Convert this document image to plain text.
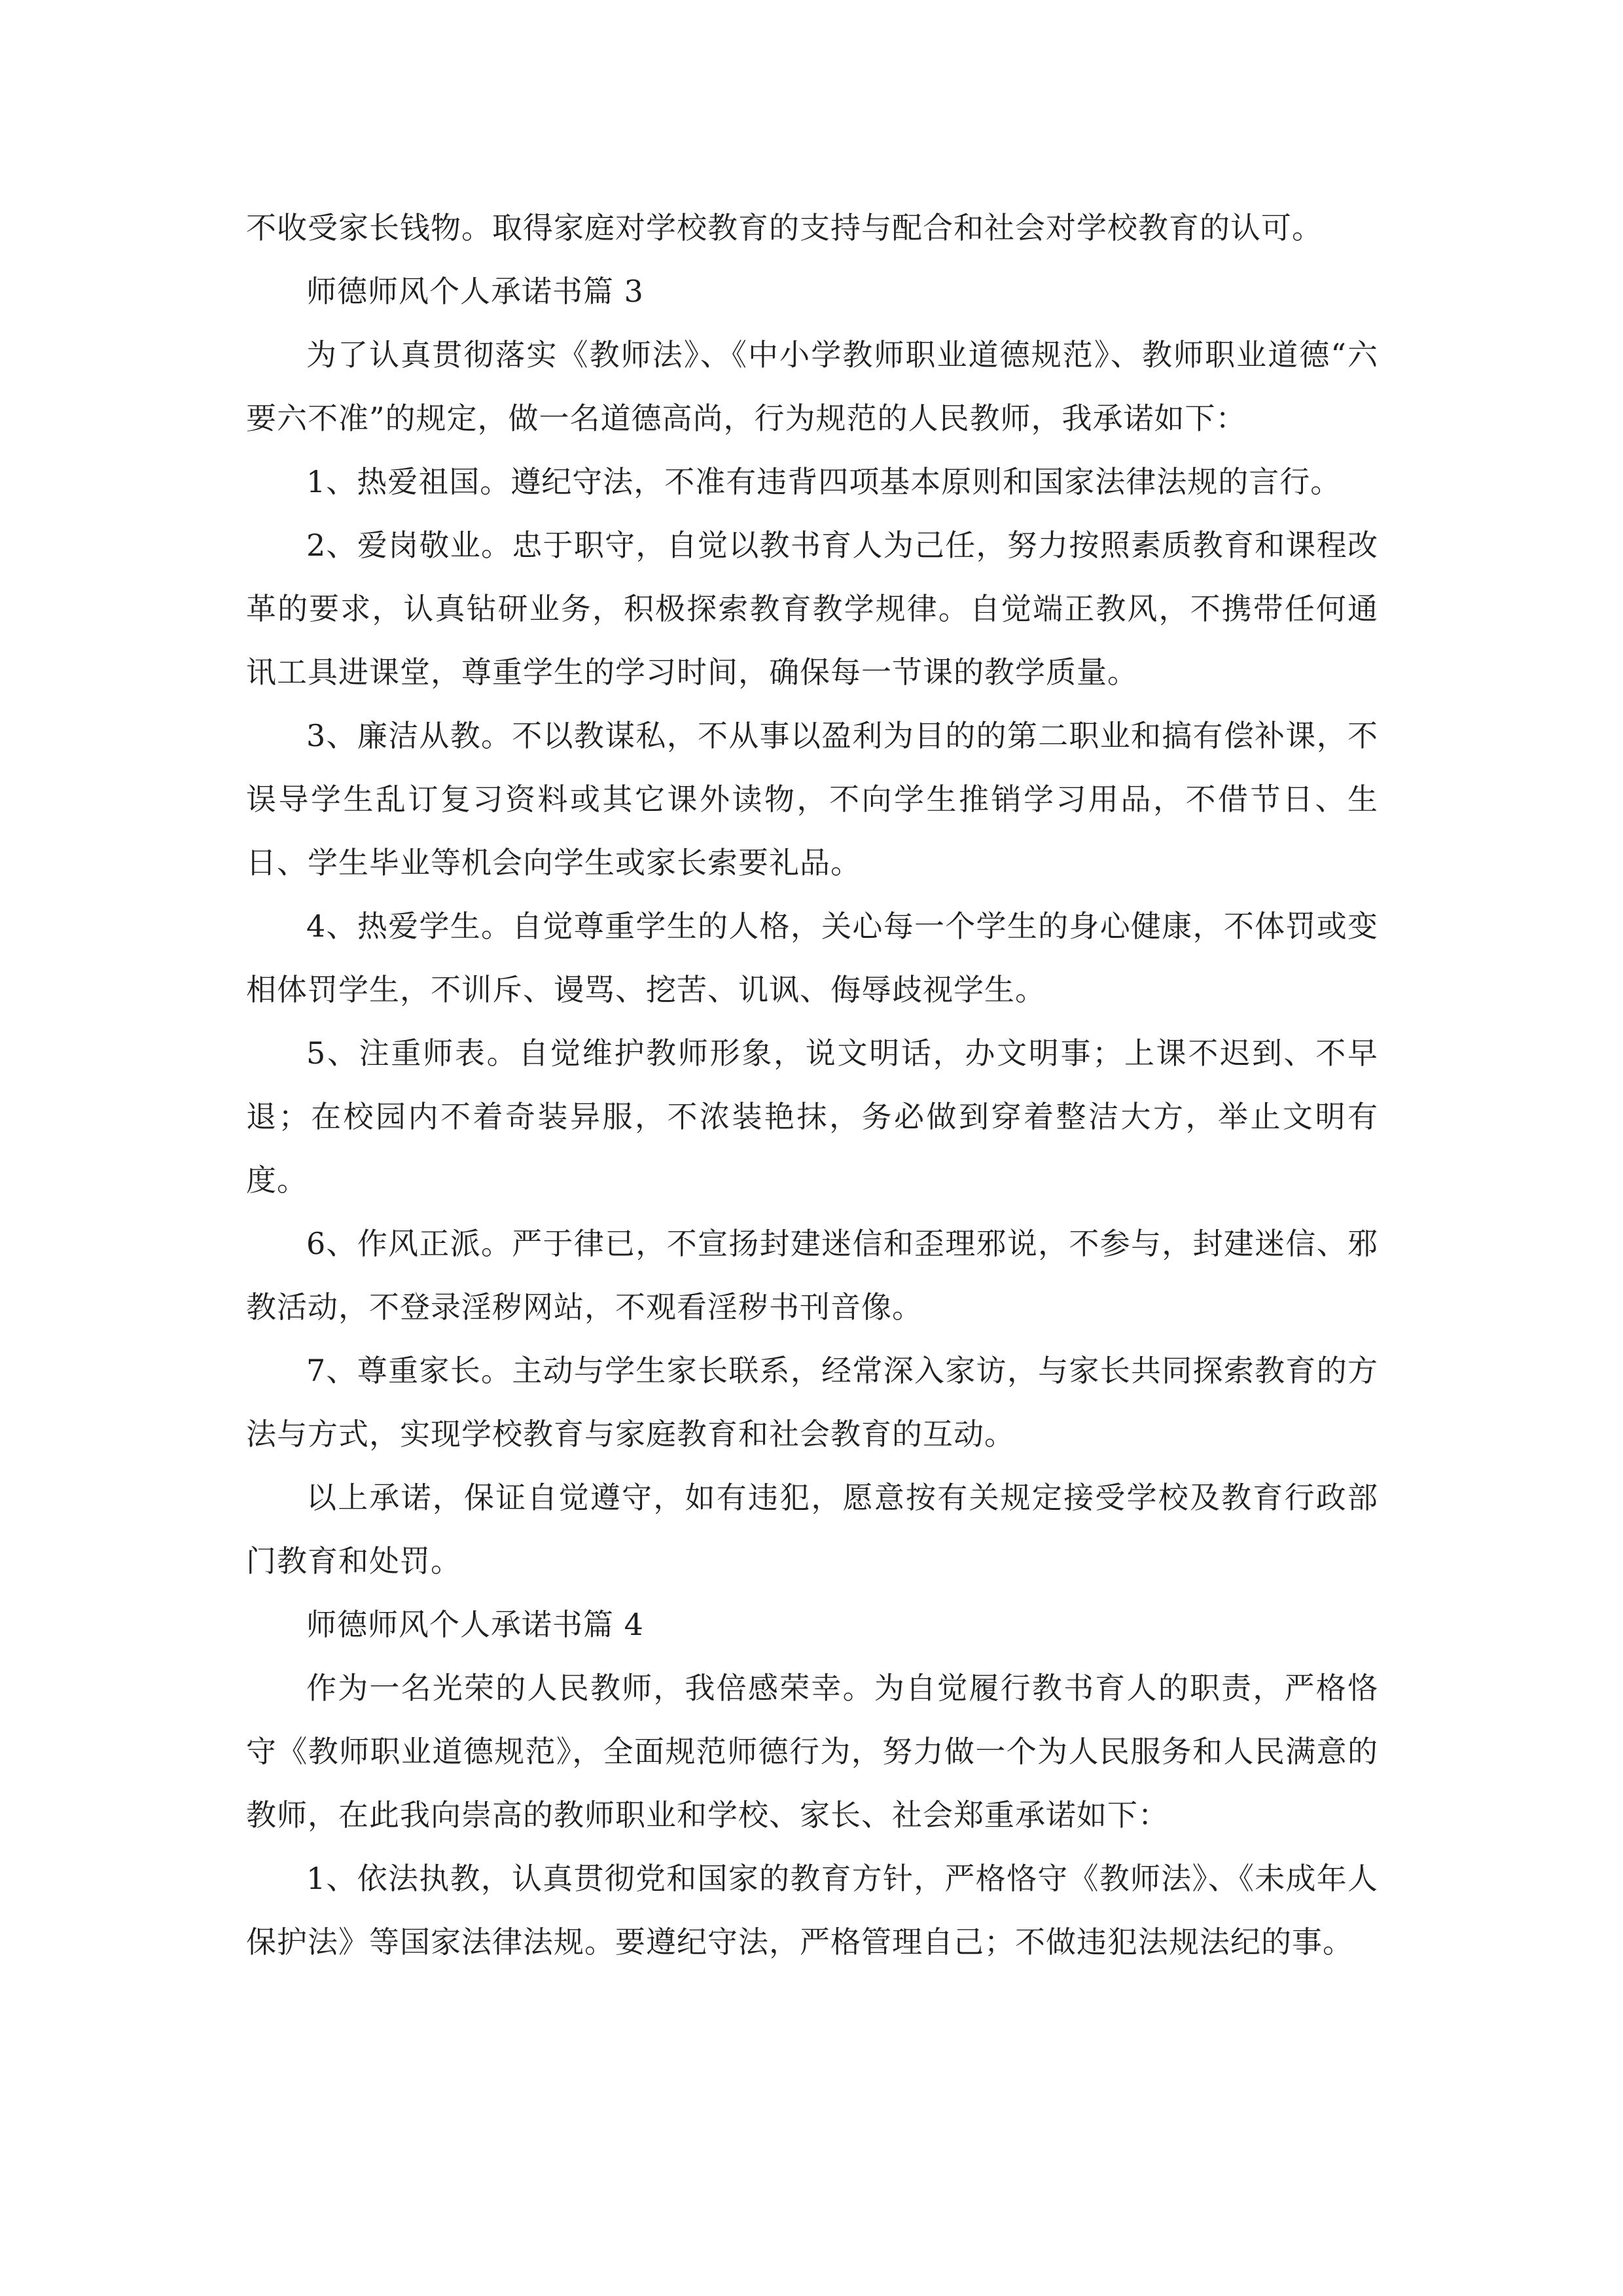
不收受家长钱物。取得家庭对学校教育的支持与配合和社会对学校教育的认可。

师德师风个人承诺书篇 3

为了认真贯彻落实《教师法》、《中小学教师职业道德规范》、教师职业道德“六要六不准”的规定，做一名道德高尚，行为规范的人民教师，我承诺如下：

1、热爱祖国。遵纪守法，不准有违背四项基本原则和国家法律法规的言行。

2、爱岗敬业。忠于职守，自觉以教书育人为己任，努力按照素质教育和课程改革的要求，认真钻研业务，积极探索教育教学规律。自觉端正教风，不携带任何通讯工具进课堂，尊重学生的学习时间，确保每一节课的教学质量。

3、廉洁从教。不以教谋私，不从事以盈利为目的的第二职业和搞有偿补课，不误导学生乱订复习资料或其它课外读物，不向学生推销学习用品，不借节日、生日、学生毕业等机会向学生或家长索要礼品。

4、热爱学生。自觉尊重学生的人格，关心每一个学生的身心健康，不体罚或变相体罚学生，不训斥、谩骂、挖苦、讥讽、侮辱歧视学生。

5、注重师表。自觉维护教师形象，说文明话，办文明事；上课不迟到、不早退；在校园内不着奇装异服，不浓装艳抹，务必做到穿着整洁大方，举止文明有度。

6、作风正派。严于律已，不宣扬封建迷信和歪理邪说，不参与，封建迷信、邪教活动，不登录淫秽网站，不观看淫秽书刊音像。

7、尊重家长。主动与学生家长联系，经常深入家访，与家长共同探索教育的方法与方式，实现学校教育与家庭教育和社会教育的互动。

以上承诺，保证自觉遵守，如有违犯，愿意按有关规定接受学校及教育行政部门教育和处罚。

师德师风个人承诺书篇 4

作为一名光荣的人民教师，我倍感荣幸。为自觉履行教书育人的职责，严格恪守《教师职业道德规范》，全面规范师德行为，努力做一个为人民服务和人民满意的教师，在此我向崇高的教师职业和学校、家长、社会郑重承诺如下：

1、依法执教，认真贯彻党和国家的教育方针，严格恪守《教师法》、《未成年人保护法》等国家法律法规。要遵纪守法，严格管理自己；不做违犯法规法纪的事。
